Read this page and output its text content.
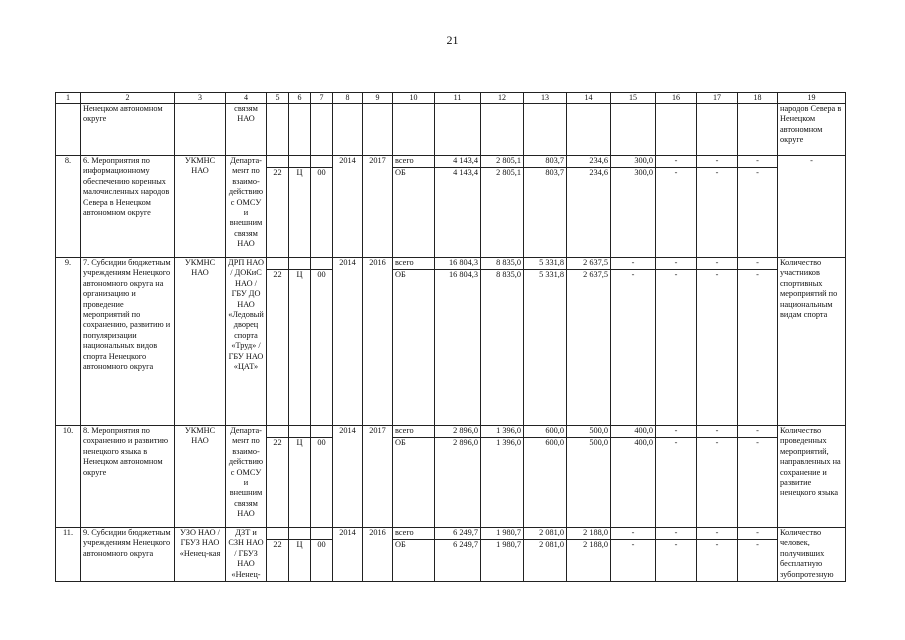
21
1	2	3	4	5	6	7	8	9	10	11	12	13	14	15	16	17	18	19
	Ненецком автономном округе		связям НАО															народов Севера в Ненецком автономном округе
8.	6. Мероприятия по информационному обеспечению коренных малочисленных народов Севера в Ненецком автономном округе	УКМНС НАО	Департа-мент по взаимо-действию с ОМСУ и внешним связям НАО				2014	2017	всего	4 143,4	2 805,1	803,7	234,6	300,0	-	-	-	-
				22	Ц	00			ОБ	4 143,4	2 805,1	803,7	234,6	300,0	-	-	-	
9.	7. Субсидии бюджетным учреждениям Ненецкого автономного округа на организацию и проведение мероприятий по сохранению, развитию и популяризации национальных видов спорта Ненецкого автономного округа	УКМНС НАО	ДРП НАО / ДОКиС НАО / ГБУ ДО НАО «Ледовый дворец спорта «Труд» / ГБУ НАО «ЦАТ»				2014	2016	всего	16 804,3	8 835,0	5 331,8	2 637,5	-	-	-	-	Количество участников спортивных мероприятий по национальным видам спорта
				22	Ц	00			ОБ	16 804,3	8 835,0	5 331,8	2 637,5	-	-	-	-	
10.	8. Мероприятия по сохранению и развитию ненецкого языка в Ненецком автономном округе	УКМНС НАО	Департа-мент по взаимо-действию с ОМСУ и внешним связям НАО				2014	2017	всего	2 896,0	1 396,0	600,0	500,0	400,0	-	-	-	Количество проведенных мероприятий, направленных на сохранение и развитие ненецкого языка
				22	Ц	00			ОБ	2 896,0	1 396,0	600,0	500,0	400,0	-	-	-	
11.	9. Субсидии бюджетным учреждениям Ненецкого автономного округа	УЗО НАО / ГБУЗ НАО «Ненец-кая	ДЗТ и СЗН НАО / ГБУЗ НАО «Ненец-				2014	2016	всего	6 249,7	1 980,7	2 081,0	2 188,0	-	-	-	-	Количество человек, получивших бесплатную зубопротезную
				22	Ц	00			ОБ	6 249,7	1 980,7	2 081,0	2 188,0	-	-	-	-	
